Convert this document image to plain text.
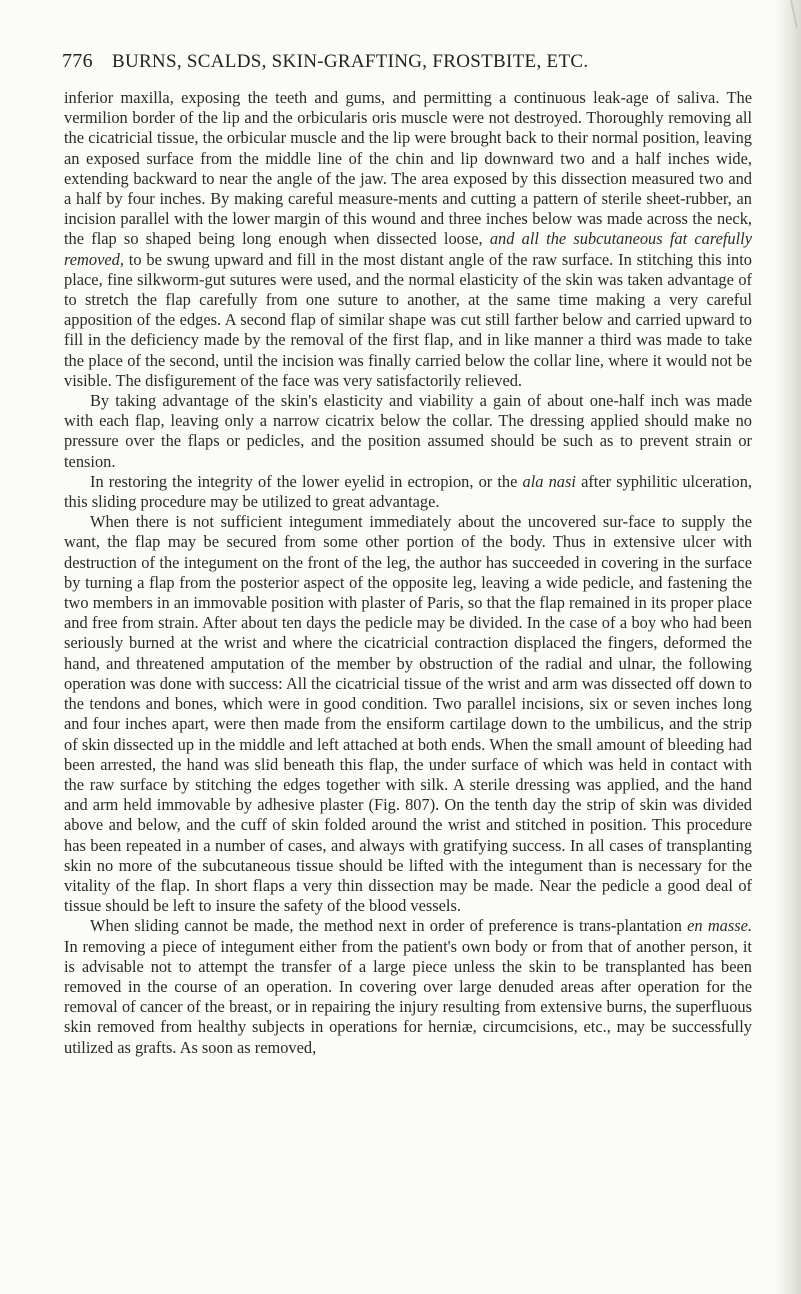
776 BURNS, SCALDS, SKIN-GRAFTING, FROSTBITE, ETC.

inferior maxilla, exposing the teeth and gums, and permitting a continuous leak-age of saliva. The vermilion border of the lip and the orbicularis oris muscle were not destroyed. Thoroughly removing all the cicatricial tissue, the orbicular muscle and the lip were brought back to their normal position, leaving an exposed surface from the middle line of the chin and lip downward two and a half inches wide, extending backward to near the angle of the jaw. The area exposed by this dissection measured two and a half by four inches. By making careful measure-ments and cutting a pattern of sterile sheet-rubber, an incision parallel with the lower margin of this wound and three inches below was made across the neck, the flap so shaped being long enough when dissected loose, and all the subcutaneous fat carefully removed, to be swung upward and fill in the most distant angle of the raw surface. In stitching this into place, fine silkworm-gut sutures were used, and the normal elasticity of the skin was taken advantage of to stretch the flap carefully from one suture to another, at the same time making a very careful apposition of the edges. A second flap of similar shape was cut still farther below and carried upward to fill in the deficiency made by the removal of the first flap, and in like manner a third was made to take the place of the second, until the incision was finally carried below the collar line, where it would not be visible. The disfigurement of the face was very satisfactorily relieved.

By taking advantage of the skin's elasticity and viability a gain of about one-half inch was made with each flap, leaving only a narrow cicatrix below the collar. The dressing applied should make no pressure over the flaps or pedicles, and the position assumed should be such as to prevent strain or tension.

In restoring the integrity of the lower eyelid in ectropion, or the ala nasi after syphilitic ulceration, this sliding procedure may be utilized to great advantage.

When there is not sufficient integument immediately about the uncovered sur-face to supply the want, the flap may be secured from some other portion of the body. Thus in extensive ulcer with destruction of the integument on the front of the leg, the author has succeeded in covering in the surface by turning a flap from the posterior aspect of the opposite leg, leaving a wide pedicle, and fastening the two members in an immovable position with plaster of Paris, so that the flap remained in its proper place and free from strain. After about ten days the pedicle may be divided. In the case of a boy who had been seriously burned at the wrist and where the cicatricial contraction displaced the fingers, deformed the hand, and threatened amputation of the member by obstruction of the radial and ulnar, the following operation was done with success: All the cicatricial tissue of the wrist and arm was dissected off down to the tendons and bones, which were in good condition. Two parallel incisions, six or seven inches long and four inches apart, were then made from the ensiform cartilage down to the umbilicus, and the strip of skin dissected up in the middle and left attached at both ends. When the small amount of bleeding had been arrested, the hand was slid beneath this flap, the under surface of which was held in contact with the raw surface by stitching the edges together with silk. A sterile dressing was applied, and the hand and arm held immovable by adhesive plaster (Fig. 807). On the tenth day the strip of skin was divided above and below, and the cuff of skin folded around the wrist and stitched in position. This procedure has been repeated in a number of cases, and always with gratifying success. In all cases of transplanting skin no more of the subcutaneous tissue should be lifted with the integument than is necessary for the vitality of the flap. In short flaps a very thin dissection may be made. Near the pedicle a good deal of tissue should be left to insure the safety of the blood vessels.

When sliding cannot be made, the method next in order of preference is trans-plantation en masse. In removing a piece of integument either from the patient's own body or from that of another person, it is advisable not to attempt the transfer of a large piece unless the skin to be transplanted has been removed in the course of an operation. In covering over large denuded areas after operation for the removal of cancer of the breast, or in repairing the injury resulting from extensive burns, the superfluous skin removed from healthy subjects in operations for herniæ, circumcisions, etc., may be successfully utilized as grafts. As soon as removed,
